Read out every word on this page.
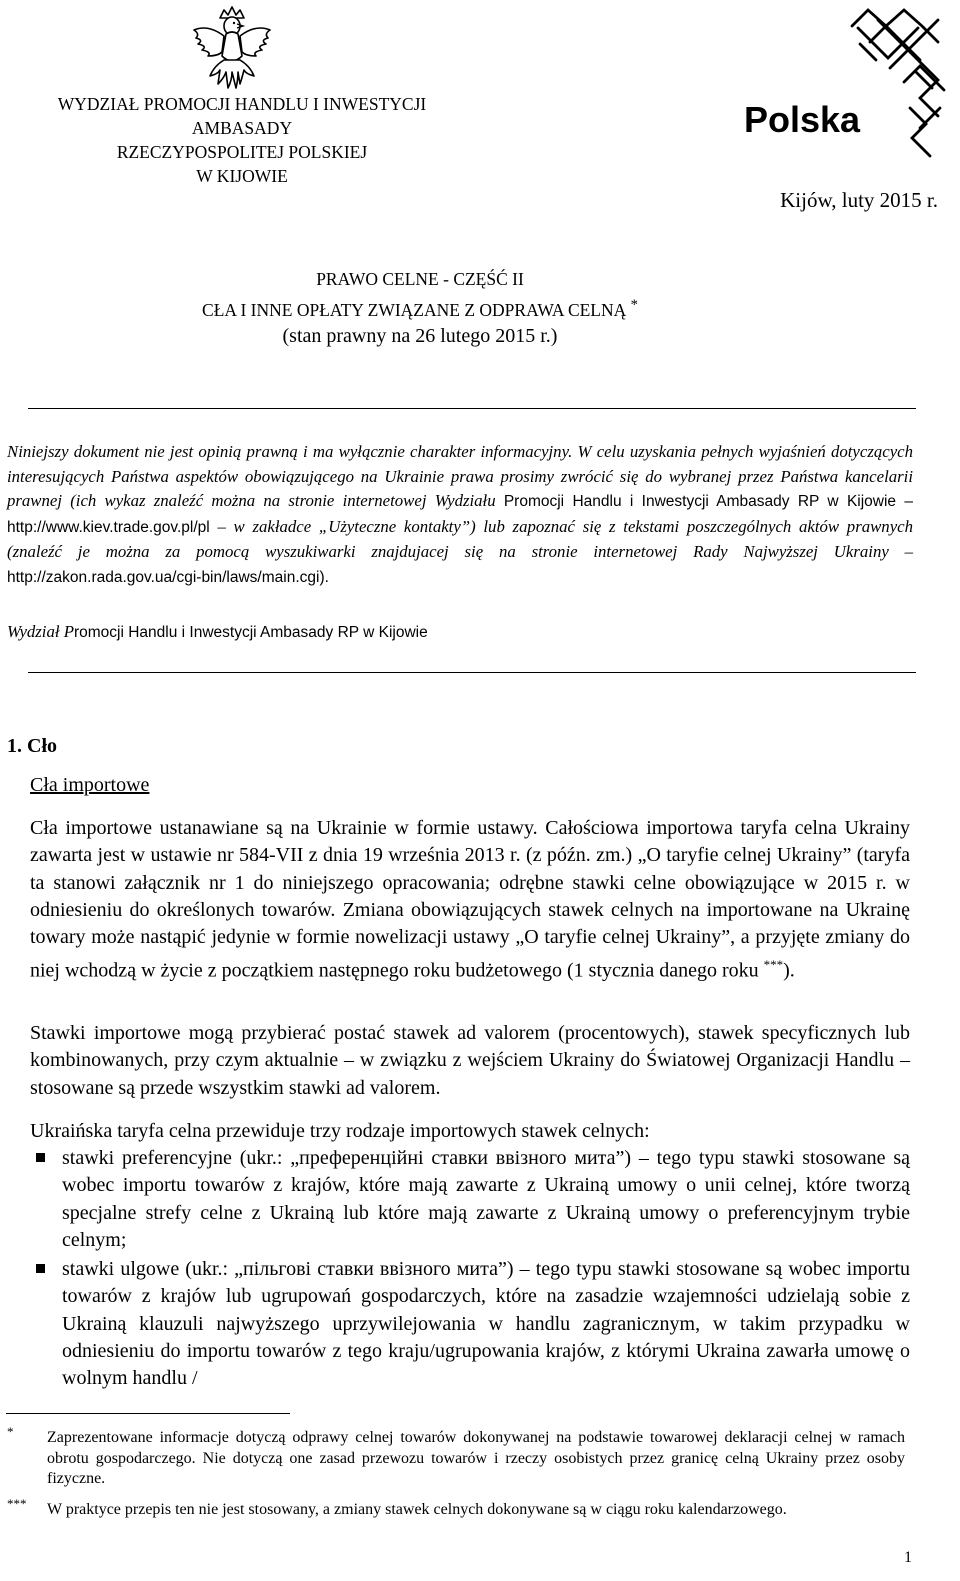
WYDZIAŁ PROMOCJI HANDLU I INWESTYCJI
AMBASADY
RZECZYPOSPOLITEJ POLSKIEJ
W KIJOWIE
Polska
Kijów, luty 2015 r.
PRAWO CELNE - CZĘŚĆ II
CŁA I INNE OPŁATY ZWIĄZANE Z ODPRAWA CELNĄ *
(stan prawny na 26 lutego 2015 r.)
Niniejszy dokument nie jest opinią prawną i ma wyłącznie charakter informacyjny. W celu uzyskania pełnych wyjaśnień dotyczących interesujących Państwa aspektów obowiązującego na Ukrainie prawa prosimy zwrócić się do wybranej przez Państwa kancelarii prawnej (ich wykaz znaleźć można na stronie internetowej Wydziału Promocji Handlu i Inwestycji Ambasady RP w Kijowie – http://www.kiev.trade.gov.pl/pl – w zakładce „Użyteczne kontakty”) lub zapoznać się z tekstami poszczególnych aktów prawnych (znaleźć je można za pomocą wyszukiwarki znajdujacej się na stronie internetowej Rady Najwyższej Ukrainy – http://zakon.rada.gov.ua/cgi-bin/laws/main.cgi).
Wydział Promocji Handlu i Inwestycji Ambasady RP w Kijowie
1. Cło
Cła importowe
Cła importowe ustanawiane są na Ukrainie w formie ustawy. Całościowa importowa taryfa celna Ukrainy zawarta jest w ustawie nr 584-VII z dnia 19 września 2013 r. (z późn. zm.) „O taryfie celnej Ukrainy” (taryfa ta stanowi załącznik nr 1 do niniejszego opracowania; odrębne stawki celne obowiązujące w 2015 r. w odniesieniu do określonych towarów. Zmiana obowiązujących stawek celnych na importowane na Ukrainę towary może nastąpić jedynie w formie nowelizacji ustawy „O taryfie celnej Ukrainy”, a przyjęte zmiany do niej wchodzą w życie z początkiem następnego roku budżetowego (1 stycznia danego roku ***).
Stawki importowe mogą przybierać postać stawek ad valorem (procentowych), stawek specyficznych lub kombinowanych, przy czym aktualnie – w związku z wejściem Ukrainy do Światowej Organizacji Handlu – stosowane są przede wszystkim stawki ad valorem.
Ukraińska taryfa celna przewiduje trzy rodzaje importowych stawek celnych:
stawki preferencyjne (ukr.: „преференційні ставки ввізного мита”) – tego typu stawki stosowane są wobec importu towarów z krajów, które mają zawarte z Ukrainą umowy o unii celnej, które tworzą specjalne strefy celne z Ukrainą lub które mają zawarte z Ukrainą umowy o preferencyjnym trybie celnym;
stawki ulgowe (ukr.: „пільгові ставки ввізного мита”) – tego typu stawki stosowane są wobec importu towarów z krajów lub ugrupowań gospodarczych, które na zasadzie wzajemności udzielają sobie z Ukrainą klauzuli najwyższego uprzywilejowania w handlu zagranicznym, w takim przypadku w odniesieniu do importu towarów z tego kraju/ugrupowania krajów, z którymi Ukraina zawarła umowę o wolnym handlu /
* Zaprezentowane informacje dotyczą odprawy celnej towarów dokonywanej na podstawie towarowej deklaracji celnej w ramach obrotu gospodarczego. Nie dotyczą one zasad przewozu towarów i rzeczy osobistych przez granicę celną Ukrainy przez osoby fizyczne.
*** W praktyce przepis ten nie jest stosowany, a zmiany stawek celnych dokonywane są w ciągu roku kalendarzowego.
1
